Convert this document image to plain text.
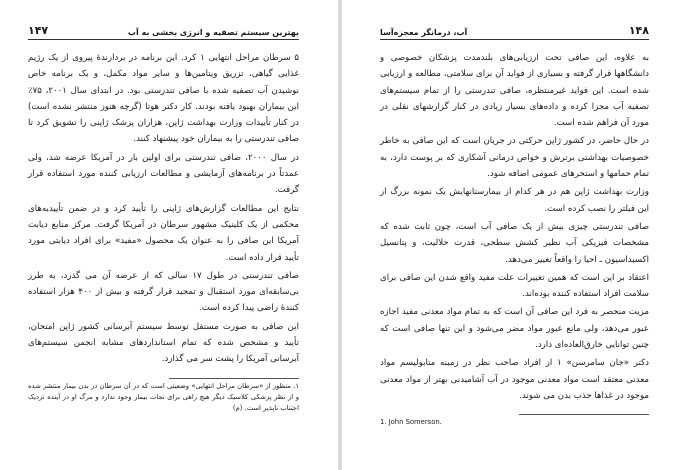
بهترین سیستم تصفیه و انرژی بخشی به آب
۱۴۷

۵ سرطان مراحل انتهایی ۱ کرد. این برنامه در بردارندهٔ پیروی از یک رژیم غذایی گیاهی، تزریق ویتامین‌ها و سایر مواد مکمل، و یک برنامه خاص نوشیدن آب تصفیه شده با صافی تندرستی بود. در ابتدای سال ۲۰۰۱، ۷۵٪ این بیماران بهبود یافته بودند. کار دکتر هوتا (گرچه هنوز منتشر نشده است) در کنار تأییدات وزارت بهداشت ژاپن، هزاران پزشک ژاپنی را تشویق کرد تا صافی تندرستی را به بیماران خود پیشنهاد کنند.

در سال ۲۰۰۰، صافی تندرستی برای اولین بار در آمریکا عرضه شد، ولی عمدتاً در برنامه‌های آزمایشی و مطالعات ارزیابی کننده مورد استفاده قرار گرفت.

نتایج این مطالعات گزارش‌های ژاپنی را تأیید کرد و در ضمن تأییدیه‌های محکمی از یک کلینیک مشهور سرطان در آمریکا گرفت. مرکز منابع دیابت آمریکا این صافی را به عنوان یک محصول «مفید» برای افراد دیابتی مورد تأیید قرار داده است.

صافی تندرستی در طول ۱۷ سالی که از عرضه آن می گذرد، به طرز بی‌سابقه‌ای مورد استقبال و تمجید قرار گرفته و بیش از ۴۰۰ هزار استفاده کنندهٔ راضی پیدا کرده است.

این صافی به صورت مستقل توسط سیستم آبرسانی کشور ژاپن امتحان، تأیید و مشخص شده که تمام استانداردهای مشابه انجمن سیستم‌های آبرسانی آمریکا را پشت سر می گذارد.

۱. منظور از «سرطان مراحل انتهایی» وضعیتی است که در آن سرطان در بدن بیمار منتشر شده و از نظر پزشکی کلاسیک دیگر هیچ راهی برای نجات بیمار وجود ندارد و مرگ او در آینده نزدیک اجتناب ناپذیر است. (م)

۱۴۸
آب، درمانگر معجزه‌آسا

به علاوه، این صافی تحت ارزیابی‌های بلندمدت پزشکان خصوصی و دانشگاهها قرار گرفته و بسیاری از فواید آن برای سلامتی، مطالعه و ارزیابی شده است. این فواید غیرمنتظره، صافی تندرستی را از تمام سیستم‌های تصفیه آب مجزا کرده و داده‌های بسیار زیادی در کنار گزارشهای نقلی در مورد آن فراهم شده است.

در حال حاضر، در کشور ژاپن حرکتی در جریان است که این صافی به خاطر خصوصیات بهداشتی برترش و خواص درمانی آشکاری که بر پوست دارد، به تمام حمامها و استخرهای عمومی اضافه شود.

وزارت بهداشت ژاپن هم در هر کدام از بیمارستانهایش یک نمونه بزرگ از این فیلتر را نصب کرده است.

صافی تندرستی چیزی بیش از یک صافی آب است، چون ثابت شده که مشخصات فیزیکی آب نظیر کشش سطحی، قدرت حلالیت، و پتانسیل اکسیداسیون ـ احیا را واقعاً تغییر می‌دهد.

اعتقاد بر این است که همین تغییرات علت مفید واقع شدن این صافی برای سلامت افراد استفاده کننده بوده‌اند.

مزیت منحصر به فرد این صافی آن است که به تمام مواد معدنی مفید اجازه عبور می‌دهد، ولی مانع عبور مواد مضر می‌شود و این تنها صافی است که چنین توانایی خارق‌العاده‌ای دارد.

دکتر «جان سامرسن» ۱ از افراد صاحب نظر در زمینه متابولیسم مواد معدنی معتقد است مواد معدنی موجود در آب آشامیدنی بهتر از مواد معدنی موجود در غذاها جذب بدن می شوند.

1. John Somerson.
